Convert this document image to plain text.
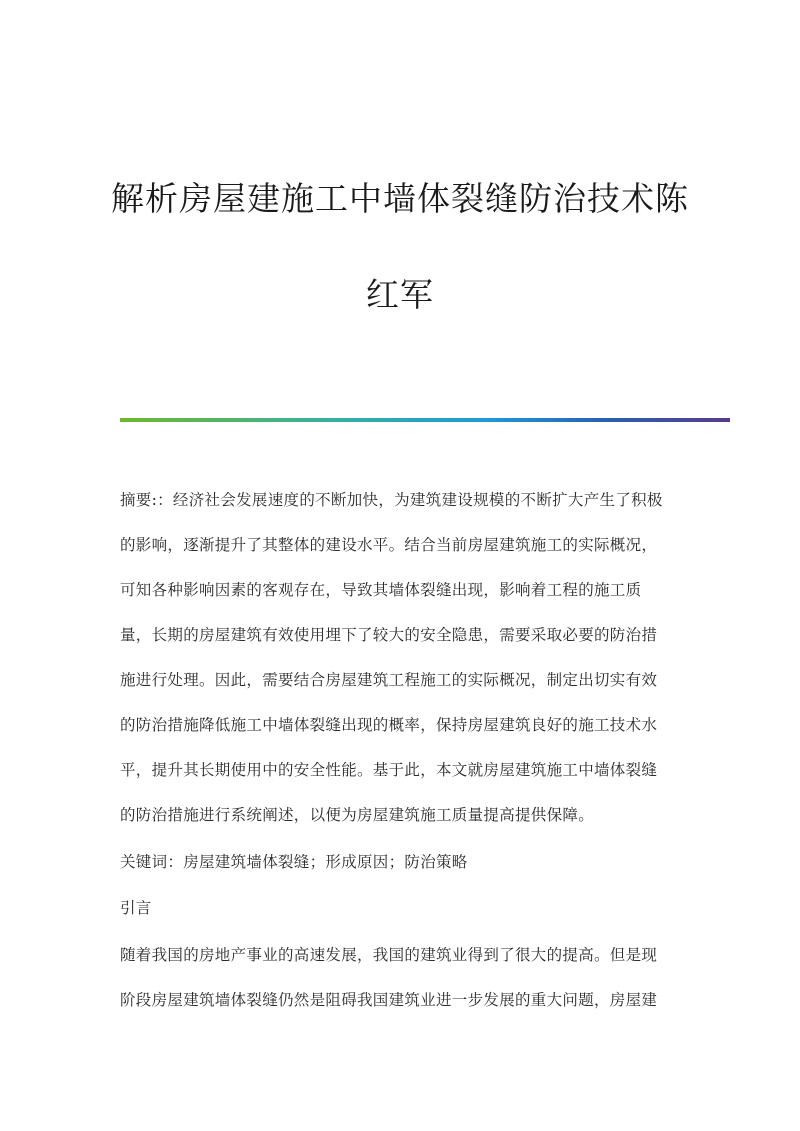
解析房屋建施工中墙体裂缝防治技术陈
红军
摘要:：经济社会发展速度的不断加快，为建筑建设规模的不断扩大产生了积极
的影响，逐渐提升了其整体的建设水平。结合当前房屋建筑施工的实际概况，
可知各种影响因素的客观存在，导致其墙体裂缝出现，影响着工程的施工质
量，长期的房屋建筑有效使用埋下了较大的安全隐患，需要采取必要的防治措
施进行处理。因此，需要结合房屋建筑工程施工的实际概况，制定出切实有效
的防治措施降低施工中墙体裂缝出现的概率，保持房屋建筑良好的施工技术水
平，提升其长期使用中的安全性能。基于此，本文就房屋建筑施工中墙体裂缝
的防治措施进行系统阐述，以便为房屋建筑施工质量提高提供保障。
关键词：房屋建筑墙体裂缝；形成原因；防治策略
引言
随着我国的房地产事业的高速发展，我国的建筑业得到了很大的提高。但是现
阶段房屋建筑墙体裂缝仍然是阻碍我国建筑业进一步发展的重大问题，房屋建
